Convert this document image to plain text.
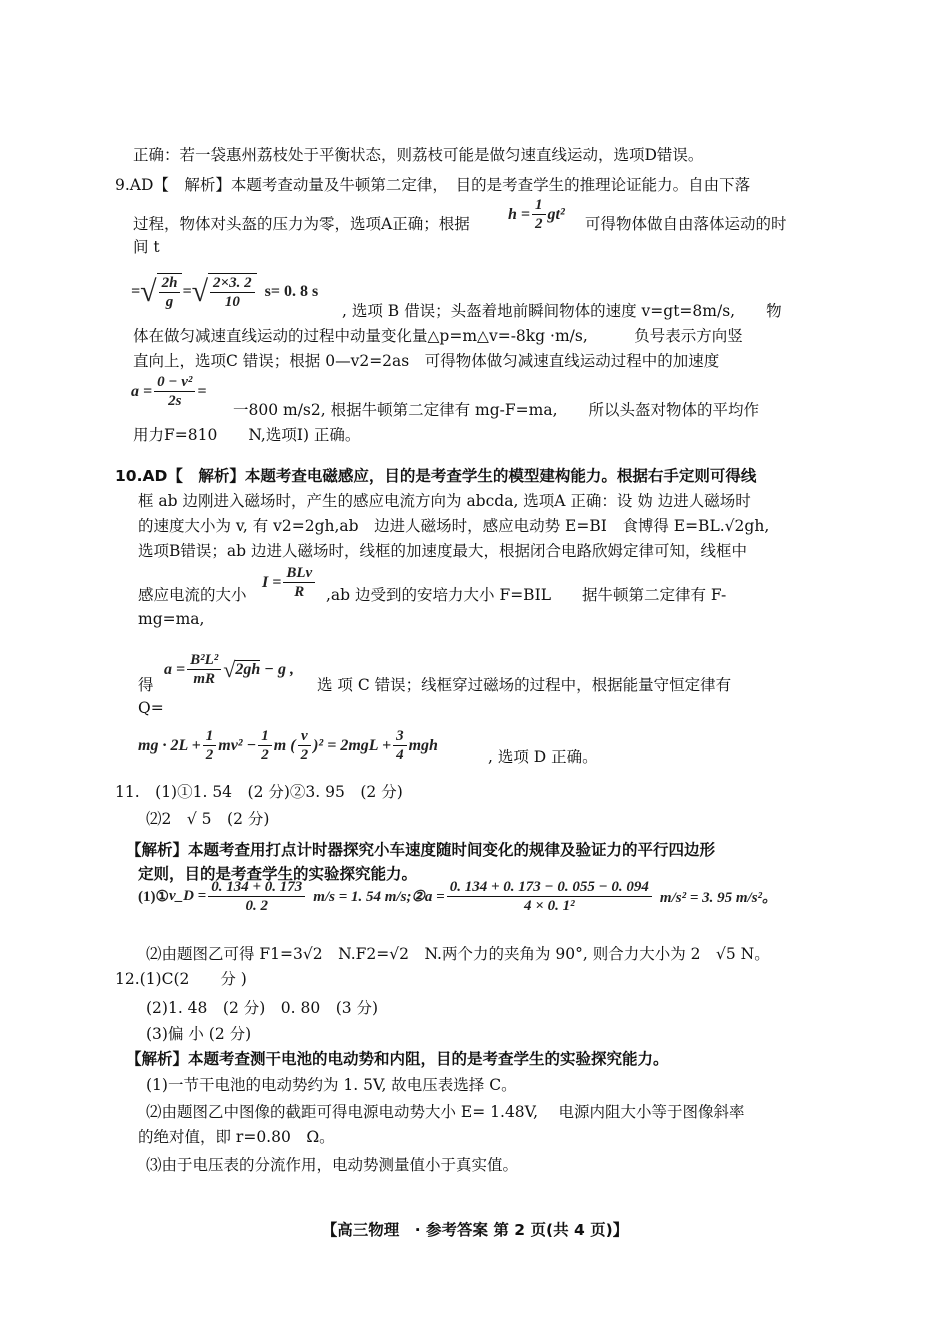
正确：若一袋惠州荔枝处于平衡状态，则荔枝可能是做匀速直线运动，选项D错误。
9.AD【　解析】本题考查动量及牛顿第二定律，　目的是考查学生的推理论证能力。自由下落
过程，物体对头盔的压力为零，选项A正确；根据
$h = \frac{1}{2} gt^2$
可得物体做自由落体运动的时
间 t
= √ $\frac{2h}{g}$ = √ $\frac{2\times 3. 2}{10} s= 0$. 8 s
, 选项 B 借误；头盔着地前瞬间物体的速度 v=gt=8m/s,　　物
体在做匀减速直线运动的过程中动量变化量△p=m△v=-8kg ·m/s,　　　负号表示方向竖
直向上，选项C 错误；根据 0—v2=2as　可得物体做匀减速直线运动过程中的加速度
$a = \frac{\text{0 − v²}}{2s}$ =
一800 m/s2, 根据牛顿第二定律有 mg-F=ma,　　所以头盔对物体的平均作
用力F=810　　N,选项I) 正确。
10.AD【　解析】本题考查电磁感应，目的是考查学生的模型建构能力。根据右手定则可得线
框 ab 边刚进入磁场时，产生的感应电流方向为 abcda, 选项A 正确：设 妫 边进人磁场时
的速度大小为 v, 有 v2=2gh,ab　边进人磁场时，感应电动势 E=BI　食博得 E=BL.√2gh,
选项B错误；ab 边进人磁场时，线框的加速度最大，根据闭合电路欣姆定律可知，线框中
感应电流的大小
$I = \frac{\text{BLv}}{R} ,ab$ 边受到的安培力大小 F=BIL　　据牛顿第二定律有 F-
mg=ma,
得
$a = \frac{\text{B²L²}}{mR}$ √ 2gh − g ,
选 项 C 错误；线框穿过磁场的过程中，根据能量守恒定律有
Q=
mg · $2L + \frac{1}{2} mv^2 - \frac{1}{2}$ m ( $\frac{v}{2} )^2 = 2mgL + \frac{3}{4}$ mgh
, 选项 D 正确。
11.　(1)①1. 54　(2 分)②3. 95　(2 分)
⑵2　√ 5　(2 分)
【解析】本题考查用打点计时器探究小车速度随时间变化的规律及验证力的平行四边形
定则，目的是考查学生的实验探究能力。
(1)① v_D = $\frac{0. 134 + 0. 173}{0. 2} m/s = 1$. 54 m/s;②a = $\frac{0. 134 + 0. 173 - 0. 055 - 0. 094}{\text{4 × 0. 1²}} m/s^2 = 3$. 95 m/s²。
⑵由题图乙可得 F1=3√2　N.F2=√2　N.两个力的夹角为 90°, 则合力大小为 2　√5 N。
12.(1)C(2　　分 )
(2)1. 48　(2 分)　0. 80　(3 分)
(3)偏 小 (2 分)
【解析】本题考查测干电池的电动势和内阻，目的是考查学生的实验探究能力。
(1)一节干电池的电动势约为 1. 5V, 故电压表选择 C。
⑵由题图乙中图像的截距可得电源电动势大小 E= 1.48V,　 电源内阻大小等于图像斜率
的绝对值，即 r=0.80　Ω。
⑶由于电压表的分流作用，电动势测量值小于真实值。
【高三物理　· 参考答案 第 2 页(共 4 页)】
